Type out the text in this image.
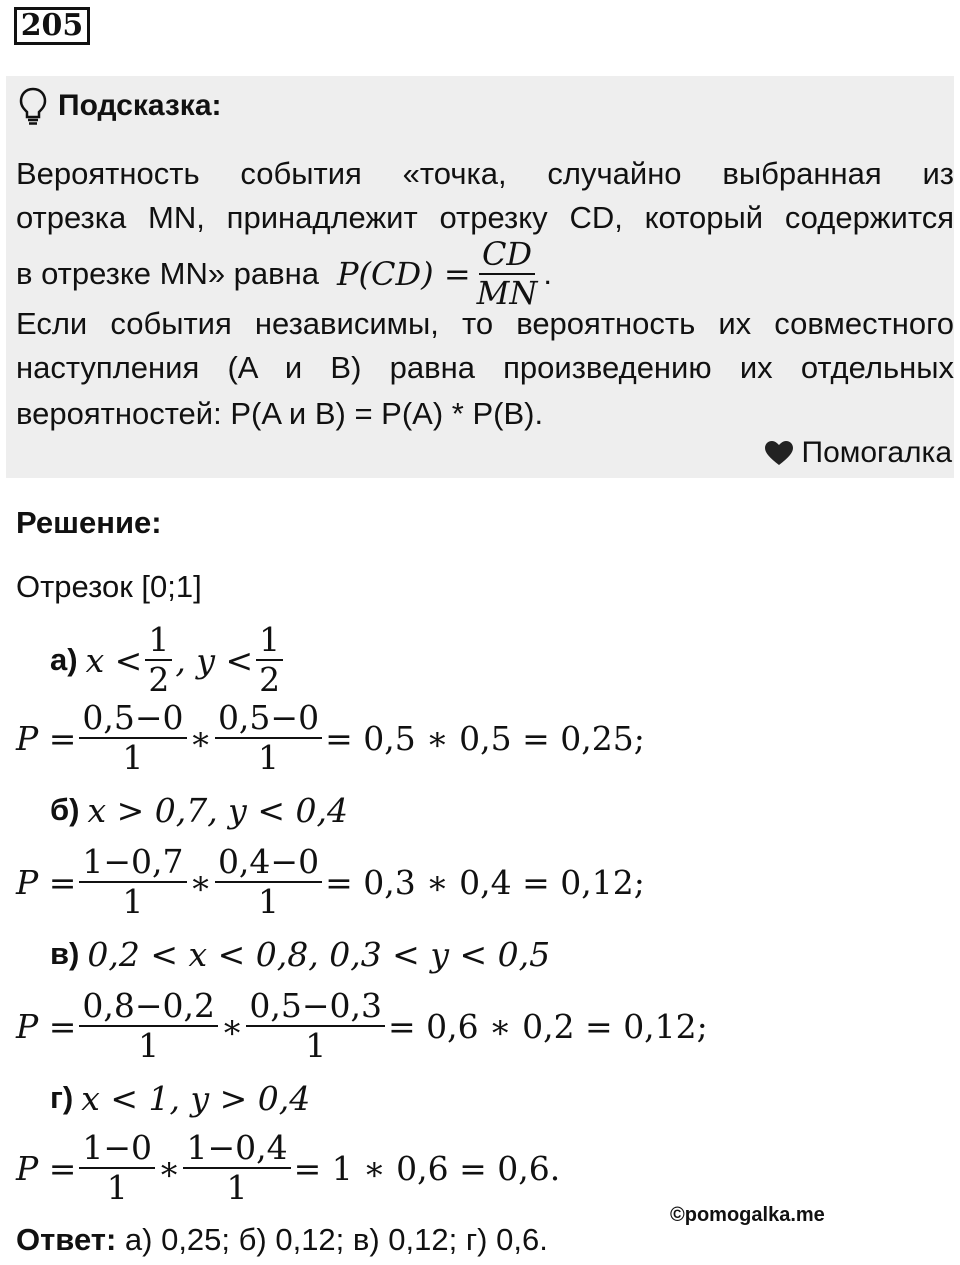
205
Подсказка:
Вероятность события «точка, случайно выбранная из
отрезка MN, принадлежит отрезку CD, который содержится
в отрезке MN» равна $P(CD) = \frac{CD}{MN}$ .
Если события независимы, то вероятность их совместного
наступления (A и B) равна произведению их отдельных
вероятностей: P(A и B) = P(A) * P(B).
Помогалка
Решение:
Отрезок [0;1]
а) $x < \frac{1}{2}$ , $y < \frac{1}{2}$
$P = \frac{0,5-0}{1}$ ∗ $\frac{0,5-0}{1} = 0,5$ ∗ 0,5 = 0,25;
б) x > 0,7, y < 0,4
$P = \frac{1-0,7}{1}$ ∗ $\frac{0,4-0}{1} = 0,3$ ∗ 0,4 = 0,12;
в) 0,2 < x < 0,8, 0,3 < y < 0,5
$P = \frac{0,8-0,2}{1}$ ∗ $\frac{0,5-0,3}{1} = 0,6$ ∗ 0,2 = 0,12;
г) x < 1, y > 0,4
$P = \frac{1-0}{1}$ ∗ $\frac{1-0,4}{1} = 1$ ∗ 0,6 = 0,6.
©pomogalka.me
Ответ: а) 0,25; б) 0,12; в) 0,12; г) 0,6.
